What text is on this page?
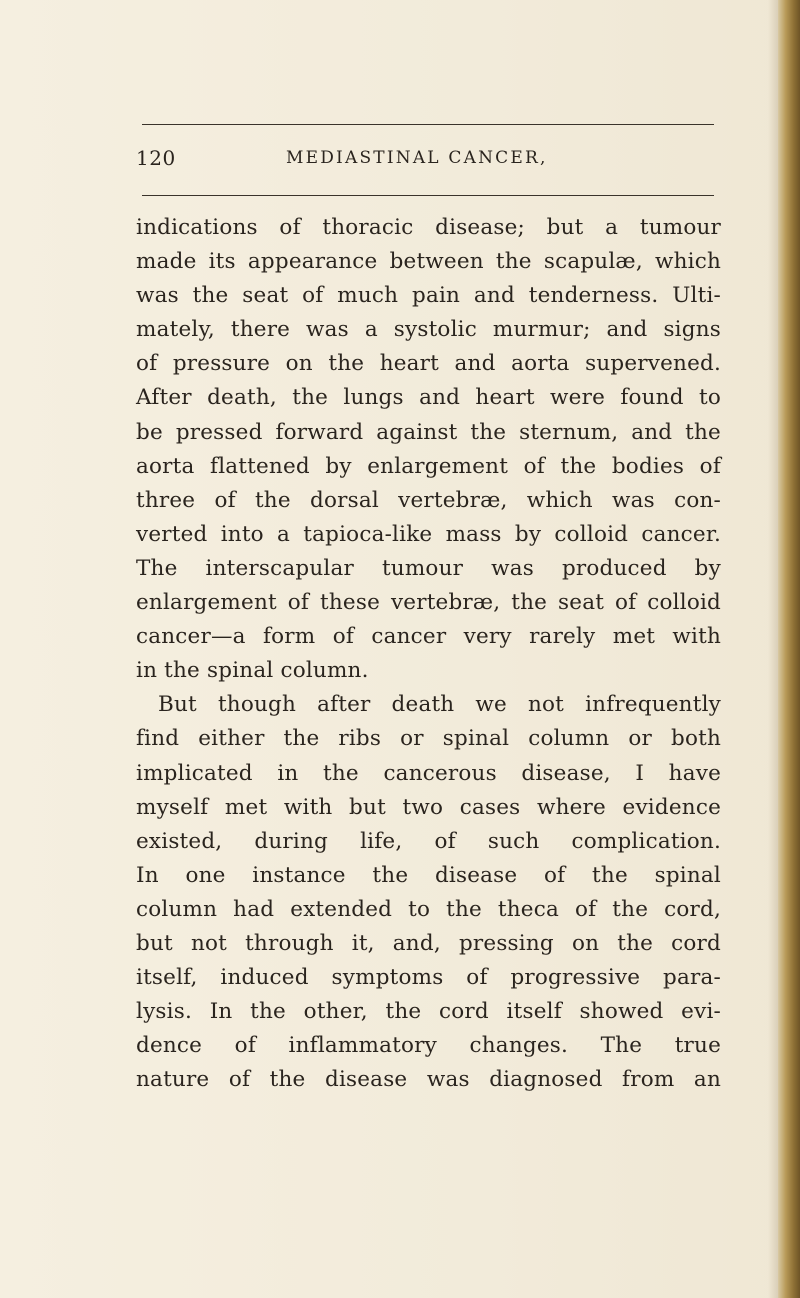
120	MEDIASTINAL CANCER,
indications of thoracic disease; but a tumour
made its appearance between the scapulæ, which
was the seat of much pain and tenderness. Ulti-
mately, there was a systolic murmur; and signs
of pressure on the heart and aorta supervened.
After death, the lungs and heart were found to
be pressed forward against the sternum, and the
aorta flattened by enlargement of the bodies of
three of the dorsal vertebræ, which was con-
verted into a tapioca-like mass by colloid cancer.
The interscapular tumour was produced by
enlargement of these vertebræ, the seat of colloid
cancer—a form of cancer very rarely met with
in the spinal column.
But though after death we not infrequently
find either the ribs or spinal column or both
implicated in the cancerous disease, I have
myself met with but two cases where evidence
existed, during life, of such complication.
In one instance the disease of the spinal
column had extended to the theca of the cord,
but not through it, and, pressing on the cord
itself, induced symptoms of progressive para-
lysis. In the other, the cord itself showed evi-
dence of inflammatory changes. The true
nature of the disease was diagnosed from an
